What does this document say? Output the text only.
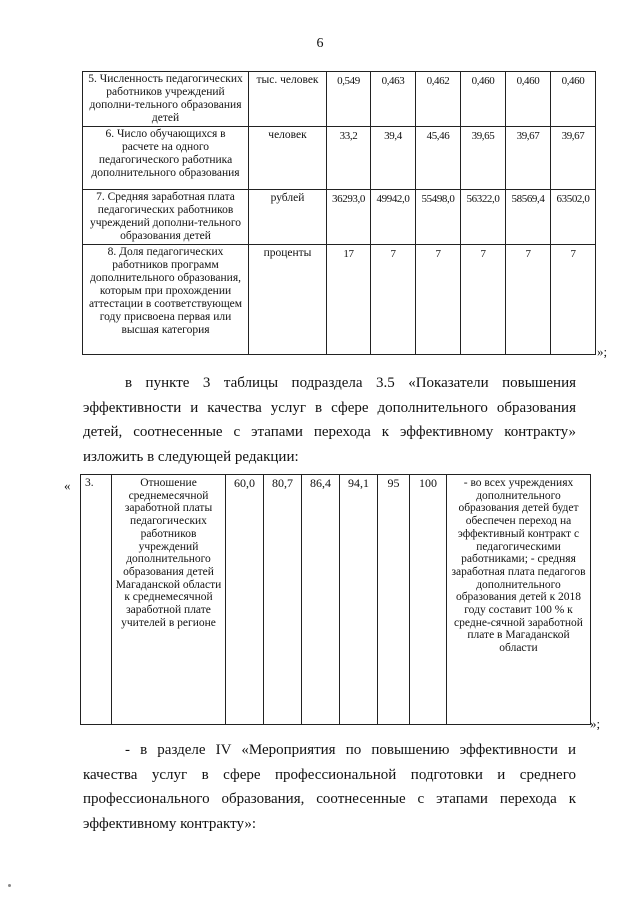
6
5. Численность педагогических работников учреждений дополни-тельного образования детей	тыс. человек	0,549	0,463	0,462	0,460	0,460	0,460
6. Число обучающихся в расчете на одного педагогического работника дополнительного образования	человек	33,2	39,4	45,46	39,65	39,67	39,67
7. Средняя заработная плата педагогических работников учреждений дополни-тельного образования детей	рублей	36293,0	49942,0	55498,0	56322,0	58569,4	63502,0
8. Доля педагогических работников программ дополнительного образования, которым при прохождении аттестации в соответствующем году присвоена первая или высшая категория	проценты	17	7	7	7	7	7
»;
в пункте 3 таблицы подраздела 3.5 «Показатели повышения эффективности и качества услуг в сфере дополнительного образования детей, соотнесенные с этапами перехода к эффективному контракту» изложить в следующей редакции:
« 3.	Отношение среднемесячной заработной платы педагогических работников учреждений дополнительного образования детей Магаданской области к среднемесячной заработной плате учителей в регионе	60,0	80,7	86,4	94,1	95	100	- во всех учреждениях дополнительного образования детей будет обеспечен переход на эффективный контракт с педагогическими работниками; - средняя заработная плата педагогов дополнительного образования детей к 2018 году составит 100 % к средне-сячной заработной плате в Магаданской области
»;
- в разделе IV «Мероприятия по повышению эффективности и качества услуг в сфере профессиональной подготовки и среднего профессионального образования, соотнесенные с этапами перехода к эффективному контракту»:
